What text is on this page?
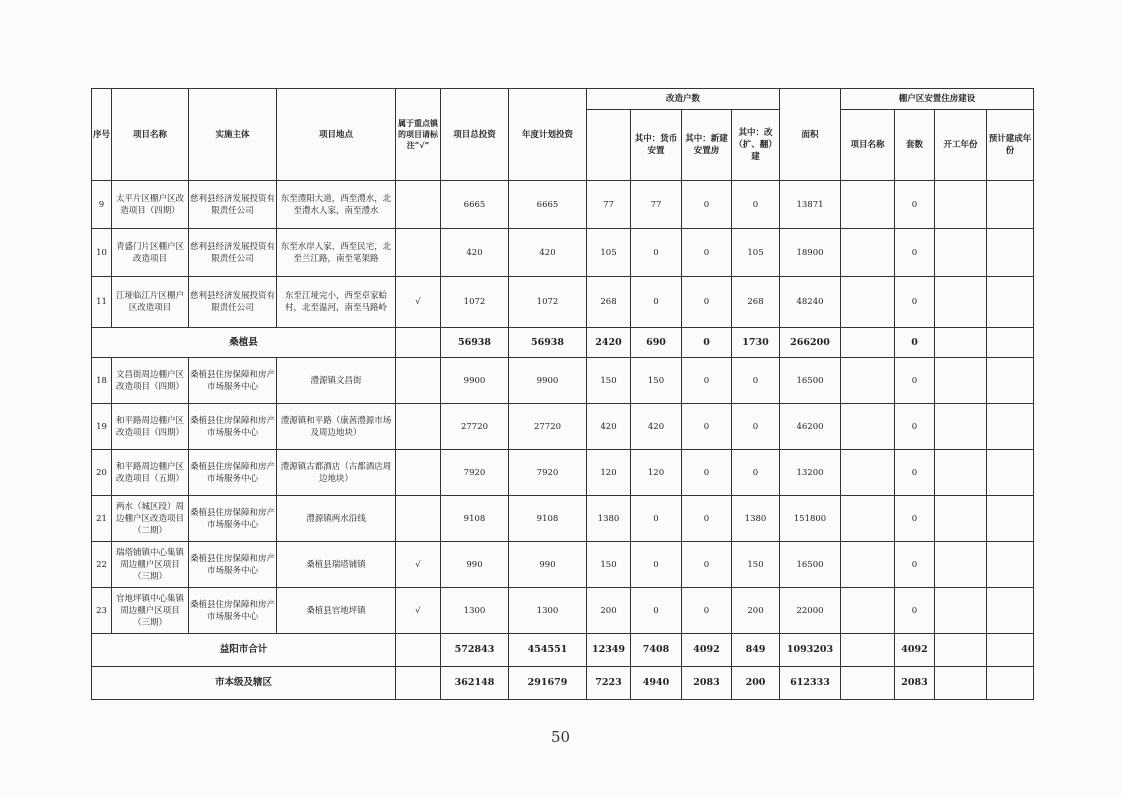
序号	项目名称	实施主体	项目地点	属于重点镇的项目请标注“√”	项目总投资	年度计划投资	改造户数				面积	棚户区安置住房建设			
								其中：货币安置	其中：新建安置房	其中：改（扩、翻）建		项目名称	套数	开工年份	预计建成年份
9	太平片区棚户区改造项目（四期）	慈利县经济发展投资有限责任公司	东至澧阳大道，西至澧水，北至澧水人家，南至澧水		6665	6665	77	77	0	0	13871		0		
10	青盛门片区棚户区改造项目	慈利县经济发展投资有限责任公司	东至水岸人家，西至民宅，北至兰江路，南至笔架路		420	420	105	0	0	105	18900		0		
11	江垭临江片区棚户区改造项目	慈利县经济发展投资有限责任公司	东至江垭完小，西至卓家蛤村，北至温河，南至马路岭	√	1072	1072	268	0	0	268	48240		0		
桑植县					56938	56938	2420	690	0	1730	266200		0		
18	文昌街周边棚户区改造项目（四期）	桑植县住房保障和房产市场服务中心	澧源镇文昌街		9900	9900	150	150	0	0	16500		0		
19	和平路周边棚户区改造项目（四期）	桑植县住房保障和房产市场服务中心	澧源镇和平路（康茜澧源市场及周边地块）		27720	27720	420	420	0	0	46200		0		
20	和平路周边棚户区改造项目（五期）	桑植县住房保障和房产市场服务中心	澧源镇古都酒店（古都酒店周边地块）		7920	7920	120	120	0	0	13200		0		
21	两水（城区段）周边棚户区改造项目（二期）	桑植县住房保障和房产市场服务中心	澧源镇两水沿线		9108	9108	1380	0	0	1380	151800		0		
22	瑞塔铺镇中心集镇周边棚户区项目（三期）	桑植县住房保障和房产市场服务中心	桑植县瑞塔铺镇	√	990	990	150	0	0	150	16500		0		
23	官地坪镇中心集镇周边棚户区项目（三期）	桑植县住房保障和房产市场服务中心	桑植县官地坪镇	√	1300	1300	200	0	0	200	22000		0		
益阳市合计					572843	454551	12349	7408	4092	849	1093203		4092		
市本级及辖区					362148	291679	7223	4940	2083	200	612333		2083		
50
